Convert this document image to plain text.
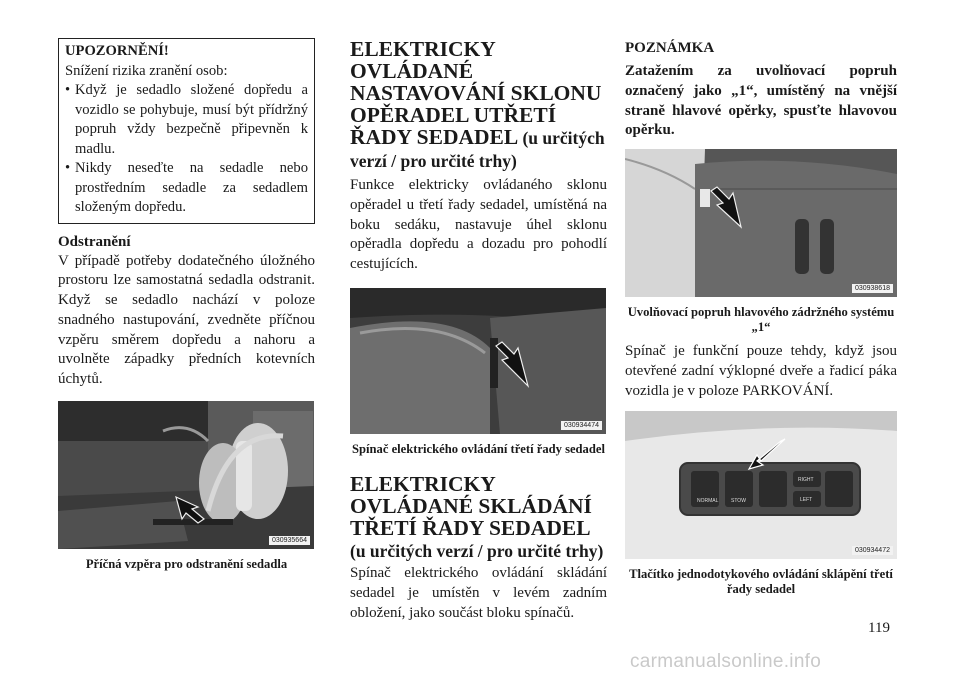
UPOZORNĚNÍ!
Snížení rizika zranění osob:
• Když je sedadlo složené dopředu a vozidlo se pohybuje, musí být přídržný popruh vždy bezpečně připevněn k madlu.
• Nikdy neseďte na sedadle nebo prostředním sedadle za sedadlem složeným dopředu.
Odstranění

V případě potřeby dodatečného úložného prostoru lze samostatná sedadla odstranit. Když se sedadlo nachází v poloze snadného nastupování, zvedněte příčnou vzpěru směrem dopředu a nahoru a uvolněte západky předních kotevních úchytů.

030935664
Příčná vzpěra pro odstranění sedadla
ELEKTRICKY OVLÁDANÉ NASTAVOVÁNÍ SKLONU OPĚRADEL UTŘETÍ ŘADY SEDADEL (u určitých verzí / pro určité trhy)

Funkce elektricky ovládaného sklonu opěradel u třetí řady sedadel, umístěná na boku sedáku, nastavuje úhel sklonu opěradla dopředu a dozadu pro pohodlí cestujících.

030934474
Spínač elektrického ovládání třetí řady sedadel
ELEKTRICKY OVLÁDANÉ SKLÁDÁNÍ TŘETÍ ŘADY SEDADEL (u určitých verzí / pro určité trhy)

Spínač elektrického ovládání skládání sedadel je umístěn v levém zadním obložení, jako součást bloku spínačů.

POZNÁMKA

Zatažením za uvolňovací popruh označený jako „1“, umístěný na vnější straně hlavové opěrky, spusťte hlavovou opěrku.

030938618
Uvolňovací popruh hlavového zádržného systému „1“

Spínač je funkční pouze tehdy, když jsou otevřené zadní výklopné dveře a řadicí páka vozidla je v poloze PARKOVÁNÍ.

NORMAL	STOW
RIGHT
LEFT
030934472
Tlačítko jednodotykového ovládání sklápění třetí řady sedadel
119
carmanualsonline.info
